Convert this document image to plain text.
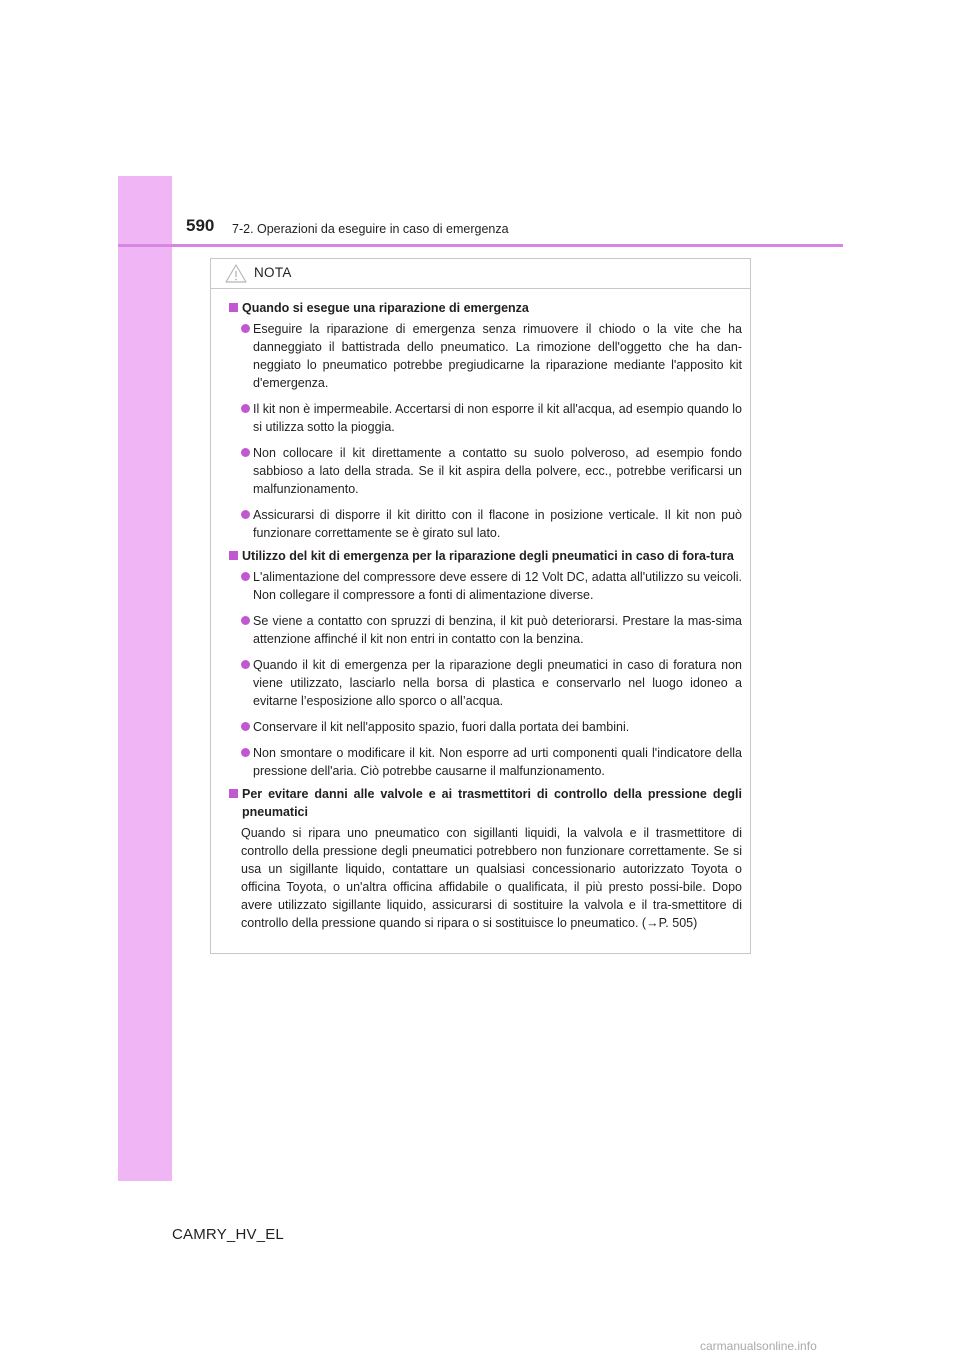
590 7-2. Operazioni da eseguire in caso di emergenza
NOTA
Quando si esegue una riparazione di emergenza
Eseguire la riparazione di emergenza senza rimuovere il chiodo o la vite che ha danneggiato il battistrada dello pneumatico. La rimozione dell'oggetto che ha dan-neggiato lo pneumatico potrebbe pregiudicarne la riparazione mediante l'apposito kit d'emergenza.
Il kit non è impermeabile. Accertarsi di non esporre il kit all'acqua, ad esempio quando lo si utilizza sotto la pioggia.
Non collocare il kit direttamente a contatto su suolo polveroso, ad esempio fondo sabbioso a lato della strada. Se il kit aspira della polvere, ecc., potrebbe verificarsi un malfunzionamento.
Assicurarsi di disporre il kit diritto con il flacone in posizione verticale. Il kit non può funzionare correttamente se è girato sul lato.
Utilizzo del kit di emergenza per la riparazione degli pneumatici in caso di fora-tura
L'alimentazione del compressore deve essere di 12 Volt DC, adatta all'utilizzo su veicoli. Non collegare il compressore a fonti di alimentazione diverse.
Se viene a contatto con spruzzi di benzina, il kit può deteriorarsi. Prestare la mas-sima attenzione affinché il kit non entri in contatto con la benzina.
Quando il kit di emergenza per la riparazione degli pneumatici in caso di foratura non viene utilizzato, lasciarlo nella borsa di plastica e conservarlo nel luogo idoneo a evitarne l’esposizione allo sporco o all’acqua.
Conservare il kit nell'apposito spazio, fuori dalla portata dei bambini.
Non smontare o modificare il kit. Non esporre ad urti componenti quali l'indicatore della pressione dell'aria. Ciò potrebbe causarne il malfunzionamento.
Per evitare danni alle valvole e ai trasmettitori di controllo della pressione degli pneumatici
Quando si ripara uno pneumatico con sigillanti liquidi, la valvola e il trasmettitore di controllo della pressione degli pneumatici potrebbero non funzionare correttamente. Se si usa un sigillante liquido, contattare un qualsiasi concessionario autorizzato Toyota o officina Toyota, o un'altra officina affidabile o qualificata, il più presto possi-bile. Dopo avere utilizzato sigillante liquido, assicurarsi di sostituire la valvola e il tra-smettitore di controllo della pressione quando si ripara o si sostituisce lo pneumatico. (→P. 505)
CAMRY_HV_EL
carmanualsonline.info
